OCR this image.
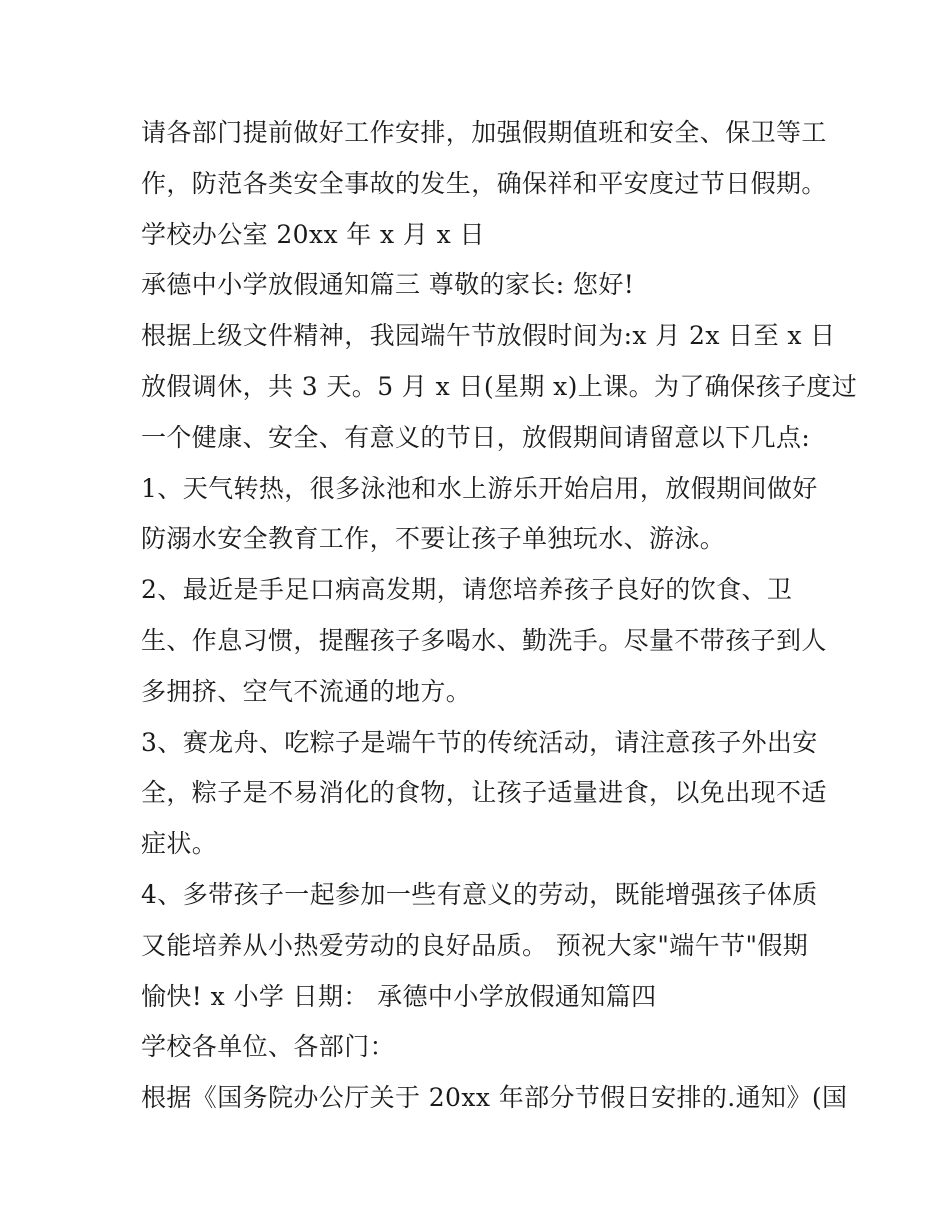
请各部门提前做好工作安排，加强假期值班和安全、保卫等工
作，防范各类安全事故的发生，确保祥和平安度过节日假期。
学校办公室 20xx 年 x 月 x 日
承德中小学放假通知篇三 尊敬的家长: 您好!
根据上级文件精神，我园端午节放假时间为:x 月 2x 日至 x 日
放假调休，共 3 天。5 月 x 日(星期 x)上课。为了确保孩子度过
一个健康、安全、有意义的节日，放假期间请留意以下几点:
1、天气转热，很多泳池和水上游乐开始启用，放假期间做好
防溺水安全教育工作，不要让孩子单独玩水、游泳。
2、最近是手足口病高发期，请您培养孩子良好的饮食、卫
生、作息习惯，提醒孩子多喝水、勤洗手。尽量不带孩子到人
多拥挤、空气不流通的地方。
3、赛龙舟、吃粽子是端午节的传统活动，请注意孩子外出安
全，粽子是不易消化的食物，让孩子适量进食，以免出现不适
症状。
4、多带孩子一起参加一些有意义的劳动，既能增强孩子体质
又能培养从小热爱劳动的良好品质。 预祝大家"端午节"假期
愉快! x 小学 日期： 承德中小学放假通知篇四
学校各单位、各部门：
根据《国务院办公厅关于 20xx 年部分节假日安排的.通知》(国
